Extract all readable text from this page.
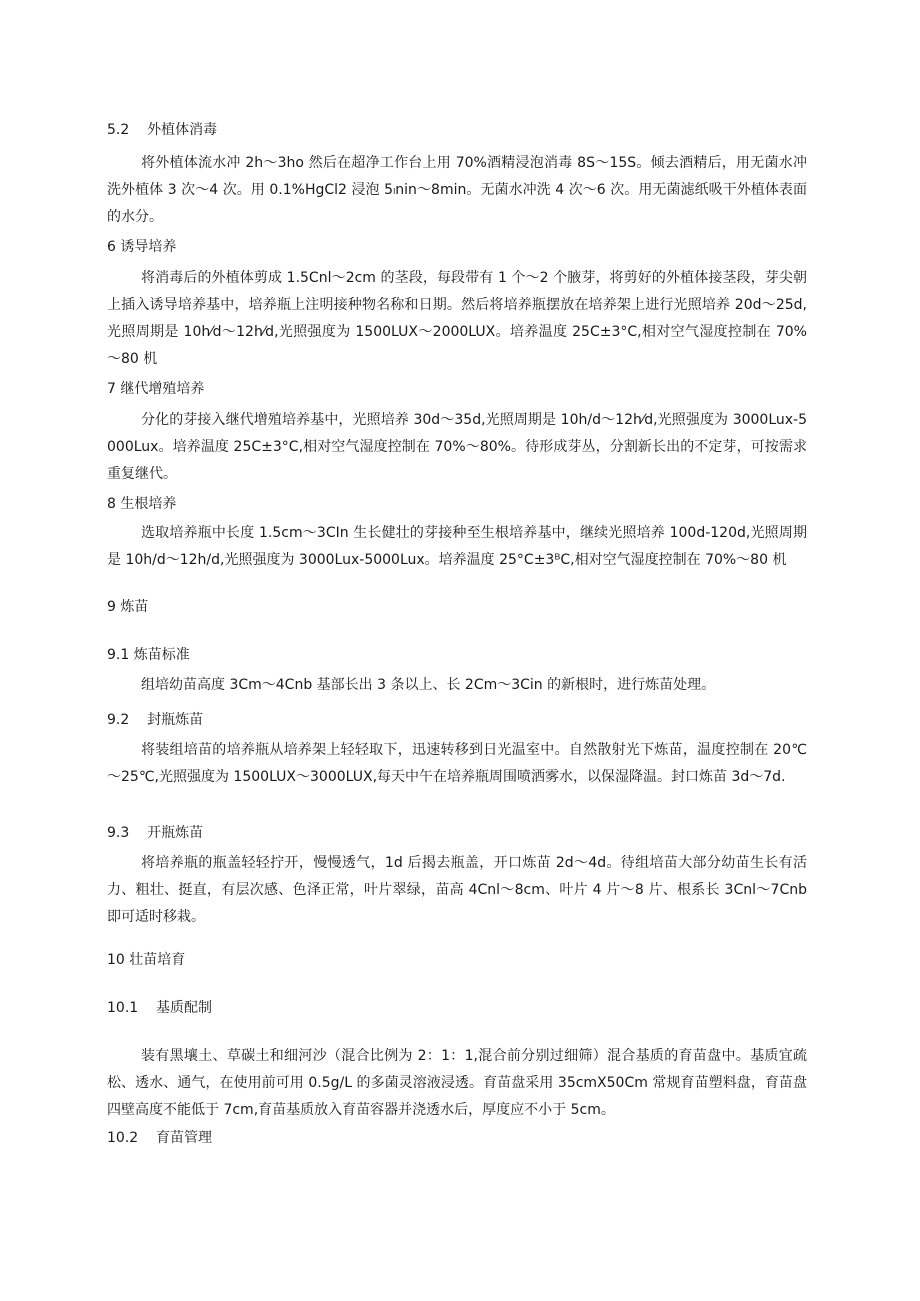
5.2    外植体消毒

将外植体流水冲 2h～3ho 然后在超净工作台上用 70%酒精浸泡消毒 8S～15S。倾去酒精后，用无菌水冲洗外植体 3 次～4 次。用 0.1%HgCl2 浸泡 5ₗnin～8min。无菌水冲洗 4 次～6 次。用无菌滤纸吸干外植体表面的水分。

6 诱导培养

将消毒后的外植体剪成 1.5Cnl～2cm 的茎段，每段带有 1 个～2 个腋芽，将剪好的外植体接茎段，芽尖朝上插入诱导培养基中，培养瓶上注明接种物名称和日期。然后将培养瓶摆放在培养架上进行光照培养 20d～25d,光照周期是 10h⁄d～12h⁄d,光照强度为 1500LUX～2000LUX。培养温度 25C±3°C,相对空气湿度控制在 70%～80 机

7 继代增殖培养

分化的芽接入继代增殖培养基中，光照培养 30d～35d,光照周期是 10h/d～12h⁄d,光照强度为 3000Lux-5000Lux。培养温度 25C±3°C,相对空气湿度控制在 70%～80%。待形成芽丛，分割新长出的不定芽，可按需求重复继代。

8 生根培养

选取培养瓶中长度 1.5cm～3CIn 生长健壮的芽接种至生根培养基中，继续光照培养 100d-120d,光照周期是 10h/d～12h/d,光照强度为 3000Lux-5000Lux。培养温度 25°C±3ᴮC,相对空气湿度控制在 70%～80 机

9 炼苗
9.1 炼苗标准

组培幼苗高度 3Cm～4Cnb 基部长出 3 条以上、长 2Cm～3Cin 的新根时，进行炼苗处理。

9.2    封瓶炼苗

将装组培苗的培养瓶从培养架上轻轻取下，迅速转移到日光温室中。自然散射光下炼苗，温度控制在 20℃～25℃,光照强度为 1500LUX～3000LUX,每天中午在培养瓶周围喷洒雾水，以保湿降温。封口炼苗 3d～7d.

9.3    开瓶炼苗

将培养瓶的瓶盖轻轻拧开，慢慢透气，1d 后揭去瓶盖，开口炼苗 2d～4d。待组培苗大部分幼苗生长有活力、粗壮、挺直，有层次感、色泽正常，叶片翠绿，苗高 4Cnl～8cm、叶片 4 片～8 片、根系长 3Cnl～7Cnb 即可适时移栽。

10 壮苗培育
10.1    基质配制

装有黑壤土、草碳土和细河沙（混合比例为 2：1：1,混合前分别过细筛）混合基质的育苗盘中。基质宜疏松、透水、通气，在使用前可用 0.5g/L 的多菌灵溶液浸透。育苗盘采用 35cmX50Cm 常规育苗塑料盘，育苗盘四壁高度不能低于 7cm,育苗基质放入育苗容器并浇透水后，厚度应不小于 5cm。

10.2    育苗管理
